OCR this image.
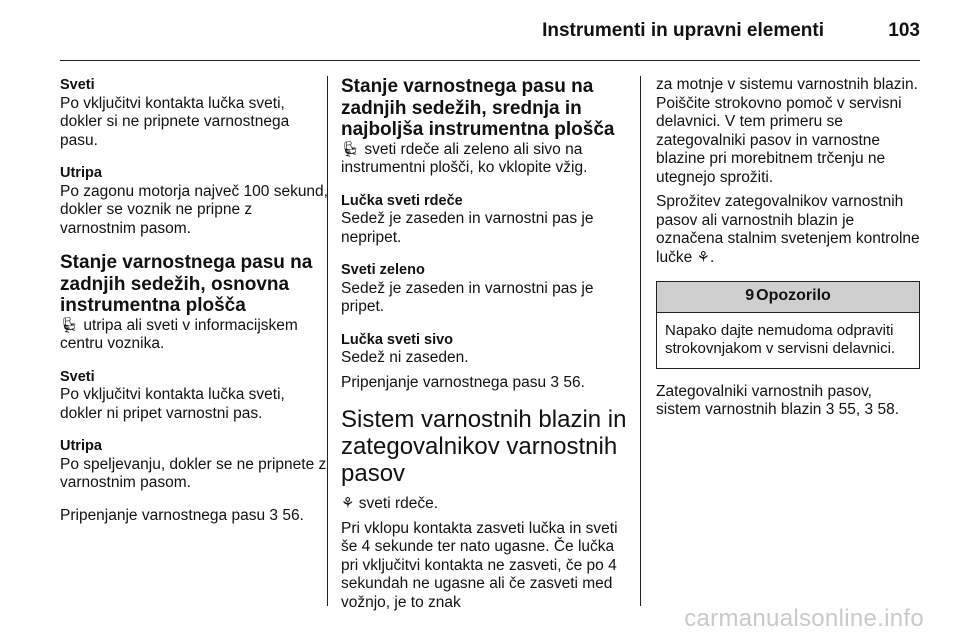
Instrumenti in upravni elementi	103

Sveti

Po vključitvi kontakta lučka sveti, dokler si ne pripnete varnostnega pasu.

Utripa

Po zagonu motorja največ 100 sekund, dokler se voznik ne pripne z varnostnim pasom.

Stanje varnostnega pasu na zadnjih sedežih, osnovna instrumentna plošča

💺︎ utripa ali sveti v informacijskem centru voznika.

Sveti

Po vključitvi kontakta lučka sveti, dokler ni pripet varnostni pas.

Utripa

Po speljevanju, dokler se ne pripnete z varnostnim pasom.

Pripenjanje varnostnega pasu 3 56.

Stanje varnostnega pasu na zadnjih sedežih, srednja in najboljša instrumentna plošča

💺︎ sveti rdeče ali zeleno ali sivo na instrumentni plošči, ko vklopite vžig.

Lučka sveti rdeče

Sedež je zaseden in varnostni pas je nepripet.

Sveti zeleno

Sedež je zaseden in varnostni pas je pripet.

Lučka sveti sivo

Sedež ni zaseden.

Pripenjanje varnostnega pasu 3 56.

Sistem varnostnih blazin in zategovalnikov varnostnih pasov

⚘ sveti rdeče.

Pri vklopu kontakta zasveti lučka in sveti še 4 sekunde ter nato ugasne. Če lučka pri vključitvi kontakta ne zasveti, če po 4 sekundah ne ugasne ali če zasveti med vožnjo, je to znak

za motnje v sistemu varnostnih blazin. Poiščite strokovno pomoč v servisni delavnici. V tem primeru se zategovalniki pasov in varnostne blazine pri morebitnem trčenju ne utegnejo sprožiti.

Sprožitev zategovalnikov varnostnih pasov ali varnostnih blazin je označena stalnim svetenjem kontrolne lučke ⚘.

9 Opozorilo
Napako dajte nemudoma odpraviti strokovnjakom v servisni delavnici.

Zategovalniki varnostnih pasov, sistem varnostnih blazin 3 55, 3 58.

carmanualsonline.info
